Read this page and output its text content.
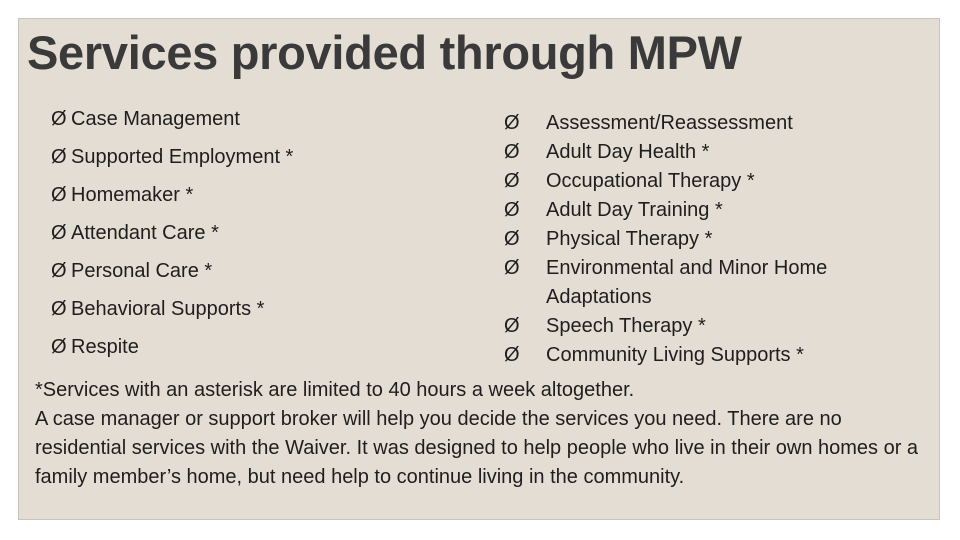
Services provided through MPW
Ø Case Management
Ø Supported Employment *
Ø Homemaker *
Ø Attendant Care *
Ø Personal Care *
Ø Behavioral Supports *
Ø Respite
Ø	Assessment/Reassessment
Ø	Adult Day Health *
Ø	Occupational Therapy *
Ø	Adult Day Training *
Ø	Physical Therapy *
Ø	Environmental and Minor Home Adaptations
Ø	Speech Therapy *
Ø	Community Living Supports *

*Services with an asterisk are limited to 40 hours a week altogether.

A case manager or support broker will help you decide the services you need. There are no residential services with the Waiver. It was designed to help people who live in their own homes or a family member’s home, but need help to continue living in the community.
